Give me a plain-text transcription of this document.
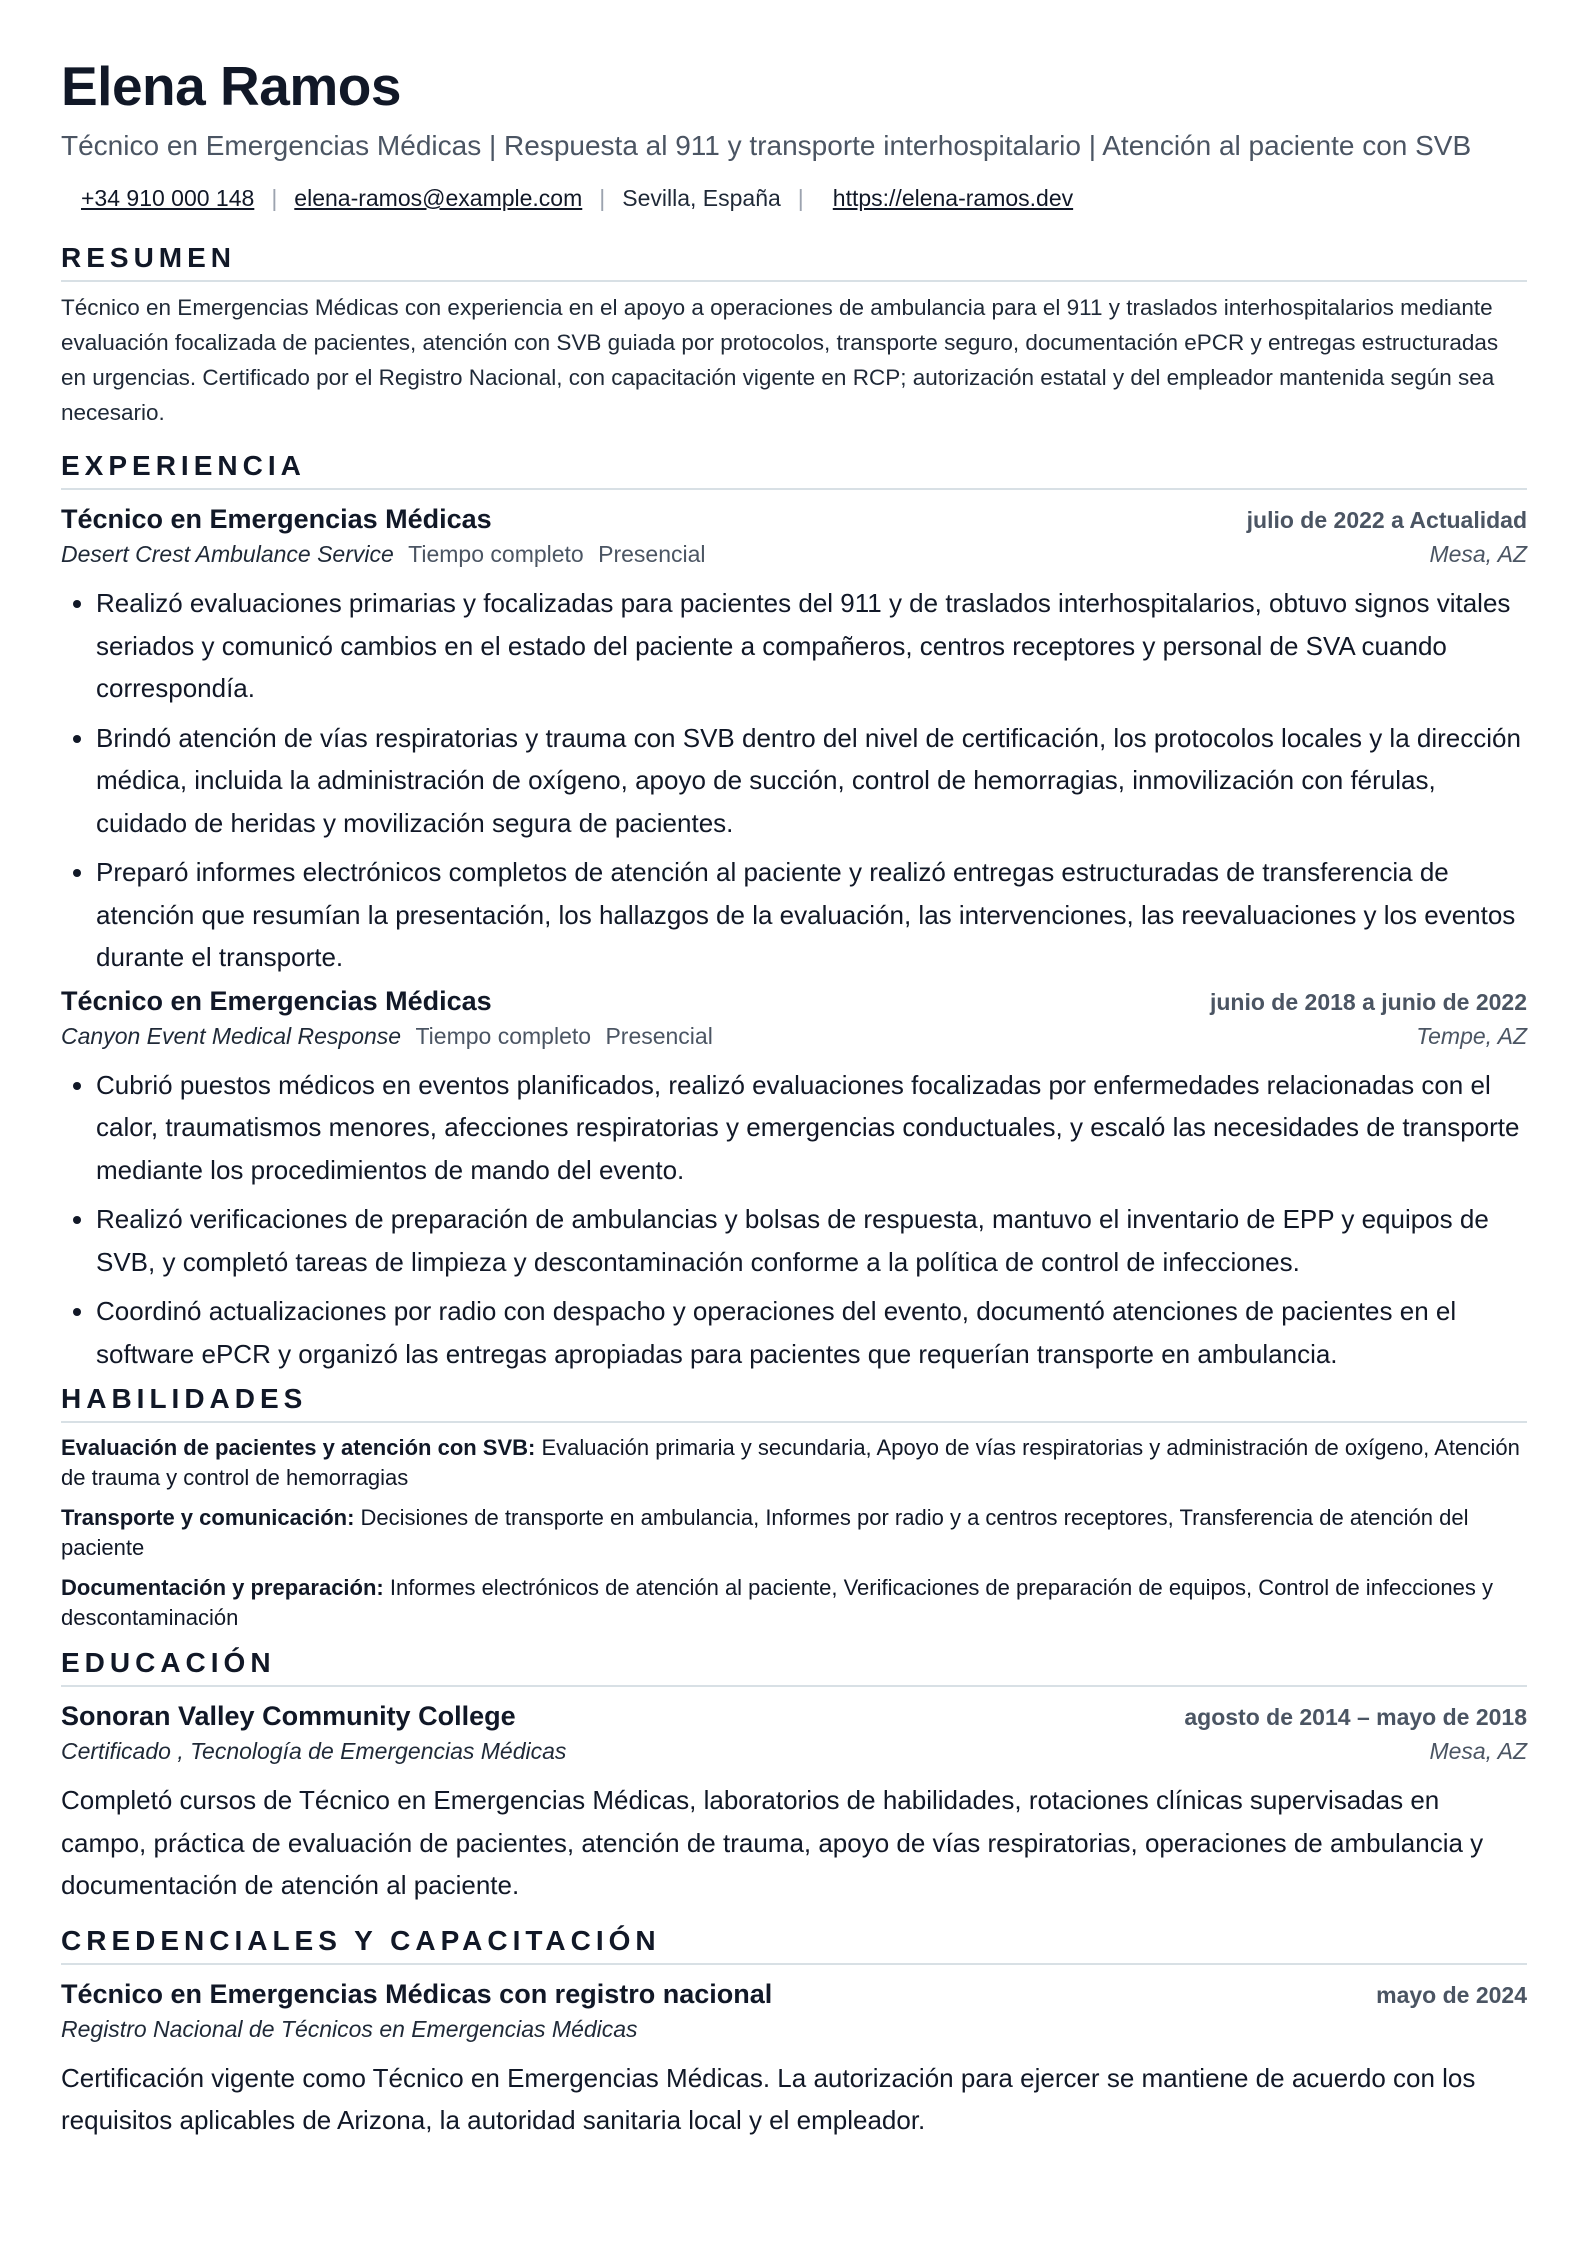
Elena Ramos
Técnico en Emergencias Médicas | Respuesta al 911 y transporte interhospitalario | Atención al paciente con SVB
+34 910 000 148 | elena-ramos@example.com | Sevilla, España | https://elena-ramos.dev
RESUMEN

Técnico en Emergencias Médicas con experiencia en el apoyo a operaciones de ambulancia para el 911 y traslados interhospitalarios mediante evaluación focalizada de pacientes, atención con SVB guiada por protocolos, transporte seguro, documentación ePCR y entregas estructuradas en urgencias. Certificado por el Registro Nacional, con capacitación vigente en RCP; autorización estatal y del empleador mantenida según sea necesario.

EXPERIENCIA
Técnico en Emergencias Médicas	julio de 2022 a Actualidad
Desert Crest Ambulance Service Tiempo completo Presencial	Mesa, AZ
• Realizó evaluaciones primarias y focalizadas para pacientes del 911 y de traslados interhospitalarios, obtuvo signos vitales seriados y comunicó cambios en el estado del paciente a compañeros, centros receptores y personal de SVA cuando correspondía.
• Brindó atención de vías respiratorias y trauma con SVB dentro del nivel de certificación, los protocolos locales y la dirección médica, incluida la administración de oxígeno, apoyo de succión, control de hemorragias, inmovilización con férulas, cuidado de heridas y movilización segura de pacientes.
• Preparó informes electrónicos completos de atención al paciente y realizó entregas estructuradas de transferencia de atención que resumían la presentación, los hallazgos de la evaluación, las intervenciones, las reevaluaciones y los eventos durante el transporte.
Técnico en Emergencias Médicas	junio de 2018 a junio de 2022
Canyon Event Medical Response Tiempo completo Presencial	Tempe, AZ
• Cubrió puestos médicos en eventos planificados, realizó evaluaciones focalizadas por enfermedades relacionadas con el calor, traumatismos menores, afecciones respiratorias y emergencias conductuales, y escaló las necesidades de transporte mediante los procedimientos de mando del evento.
• Realizó verificaciones de preparación de ambulancias y bolsas de respuesta, mantuvo el inventario de EPP y equipos de SVB, y completó tareas de limpieza y descontaminación conforme a la política de control de infecciones.
• Coordinó actualizaciones por radio con despacho y operaciones del evento, documentó atenciones de pacientes en el software ePCR y organizó las entregas apropiadas para pacientes que requerían transporte en ambulancia.
HABILIDADES

Evaluación de pacientes y atención con SVB: Evaluación primaria y secundaria, Apoyo de vías respiratorias y administración de oxígeno, Atención de trauma y control de hemorragias

Transporte y comunicación: Decisiones de transporte en ambulancia, Informes por radio y a centros receptores, Transferencia de atención del paciente

Documentación y preparación: Informes electrónicos de atención al paciente, Verificaciones de preparación de equipos, Control de infecciones y descontaminación

EDUCACIÓN
Sonoran Valley Community College	agosto de 2014 – mayo de 2018
Certificado , Tecnología de Emergencias Médicas	Mesa, AZ

Completó cursos de Técnico en Emergencias Médicas, laboratorios de habilidades, rotaciones clínicas supervisadas en campo, práctica de evaluación de pacientes, atención de trauma, apoyo de vías respiratorias, operaciones de ambulancia y documentación de atención al paciente.

CREDENCIALES Y CAPACITACIÓN
Técnico en Emergencias Médicas con registro nacional	mayo de 2024
Registro Nacional de Técnicos en Emergencias Médicas

Certificación vigente como Técnico en Emergencias Médicas. La autorización para ejercer se mantiene de acuerdo con los requisitos aplicables de Arizona, la autoridad sanitaria local y el empleador.
